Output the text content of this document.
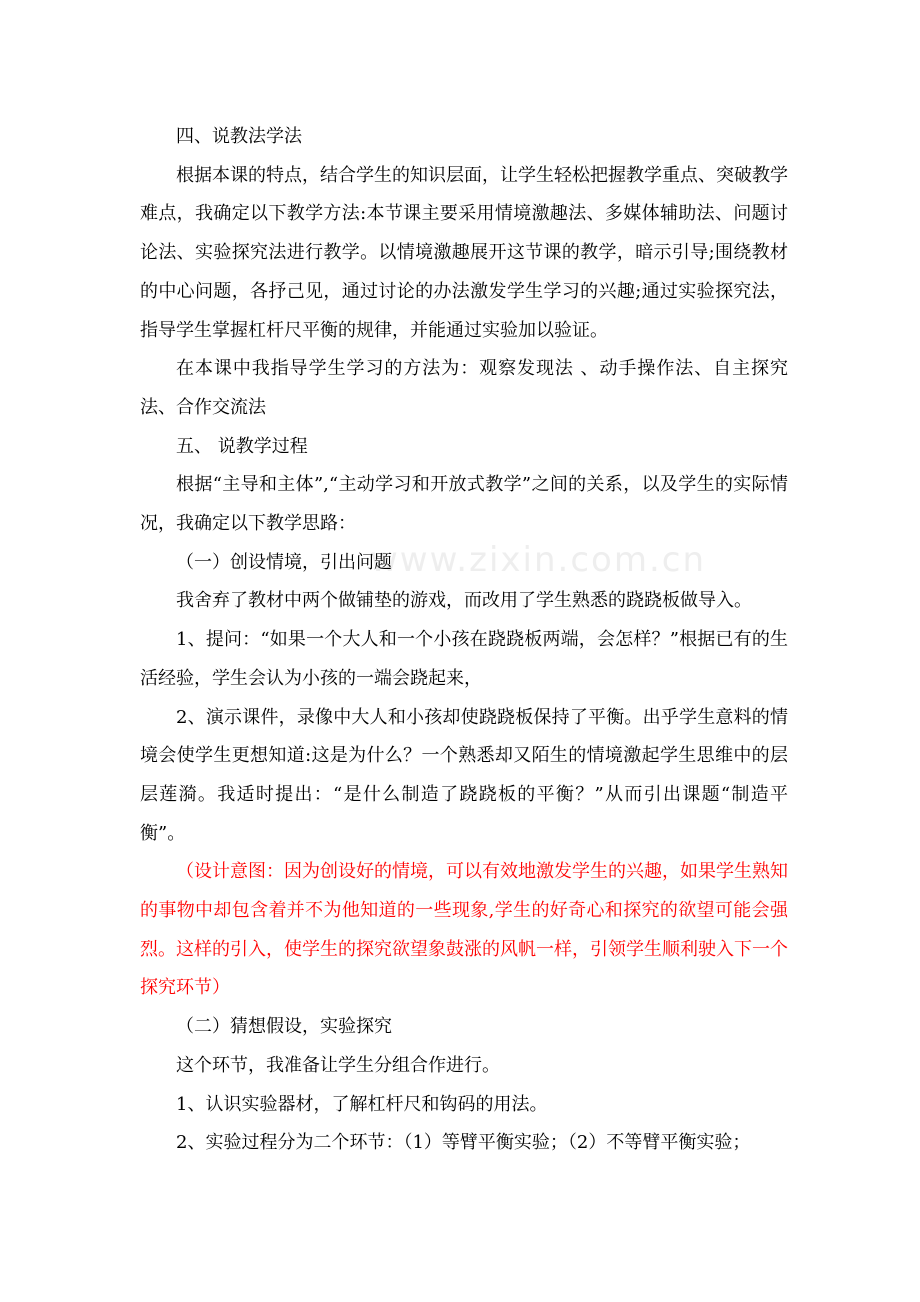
www.zixin.com.cn

四、说教法学法

根据本课的特点，结合学生的知识层面，让学生轻松把握教学重点、突破教学难点，我确定以下教学方法:本节课主要采用情境激趣法、多媒体辅助法、问题讨论法、实验探究法进行教学。以情境激趣展开这节课的教学，暗示引导;围绕教材的中心问题，各抒己见，通过讨论的办法激发学生学习的兴趣;通过实验探究法，指导学生掌握杠杆尺平衡的规律，并能通过实验加以验证。

在本课中我指导学生学习的方法为：观察发现法 、动手操作法、自主探究法、合作交流法

五、 说教学过程

根据“主导和主体”,“主动学习和开放式教学”之间的关系，以及学生的实际情况，我确定以下教学思路：

（一）创设情境，引出问题

我舍弃了教材中两个做铺垫的游戏，而改用了学生熟悉的跷跷板做导入。

1、提问：“如果一个大人和一个小孩在跷跷板两端，会怎样？”根据已有的生活经验，学生会认为小孩的一端会跷起来，

2、演示课件，录像中大人和小孩却使跷跷板保持了平衡。出乎学生意料的情境会使学生更想知道:这是为什么？一个熟悉却又陌生的情境激起学生思维中的层层莲漪。我适时提出：“是什么制造了跷跷板的平衡？”从而引出课题“制造平衡”。

（设计意图：因为创设好的情境，可以有效地激发学生的兴趣，如果学生熟知的事物中却包含着并不为他知道的一些现象,学生的好奇心和探究的欲望可能会强烈。这样的引入，使学生的探究欲望象鼓涨的风帆一样，引领学生顺利驶入下一个探究环节）

（二）猜想假设，实验探究

这个环节，我准备让学生分组合作进行。

1、认识实验器材，了解杠杆尺和钩码的用法。

2、实验过程分为二个环节：（1）等臂平衡实验；（2）不等臂平衡实验；
